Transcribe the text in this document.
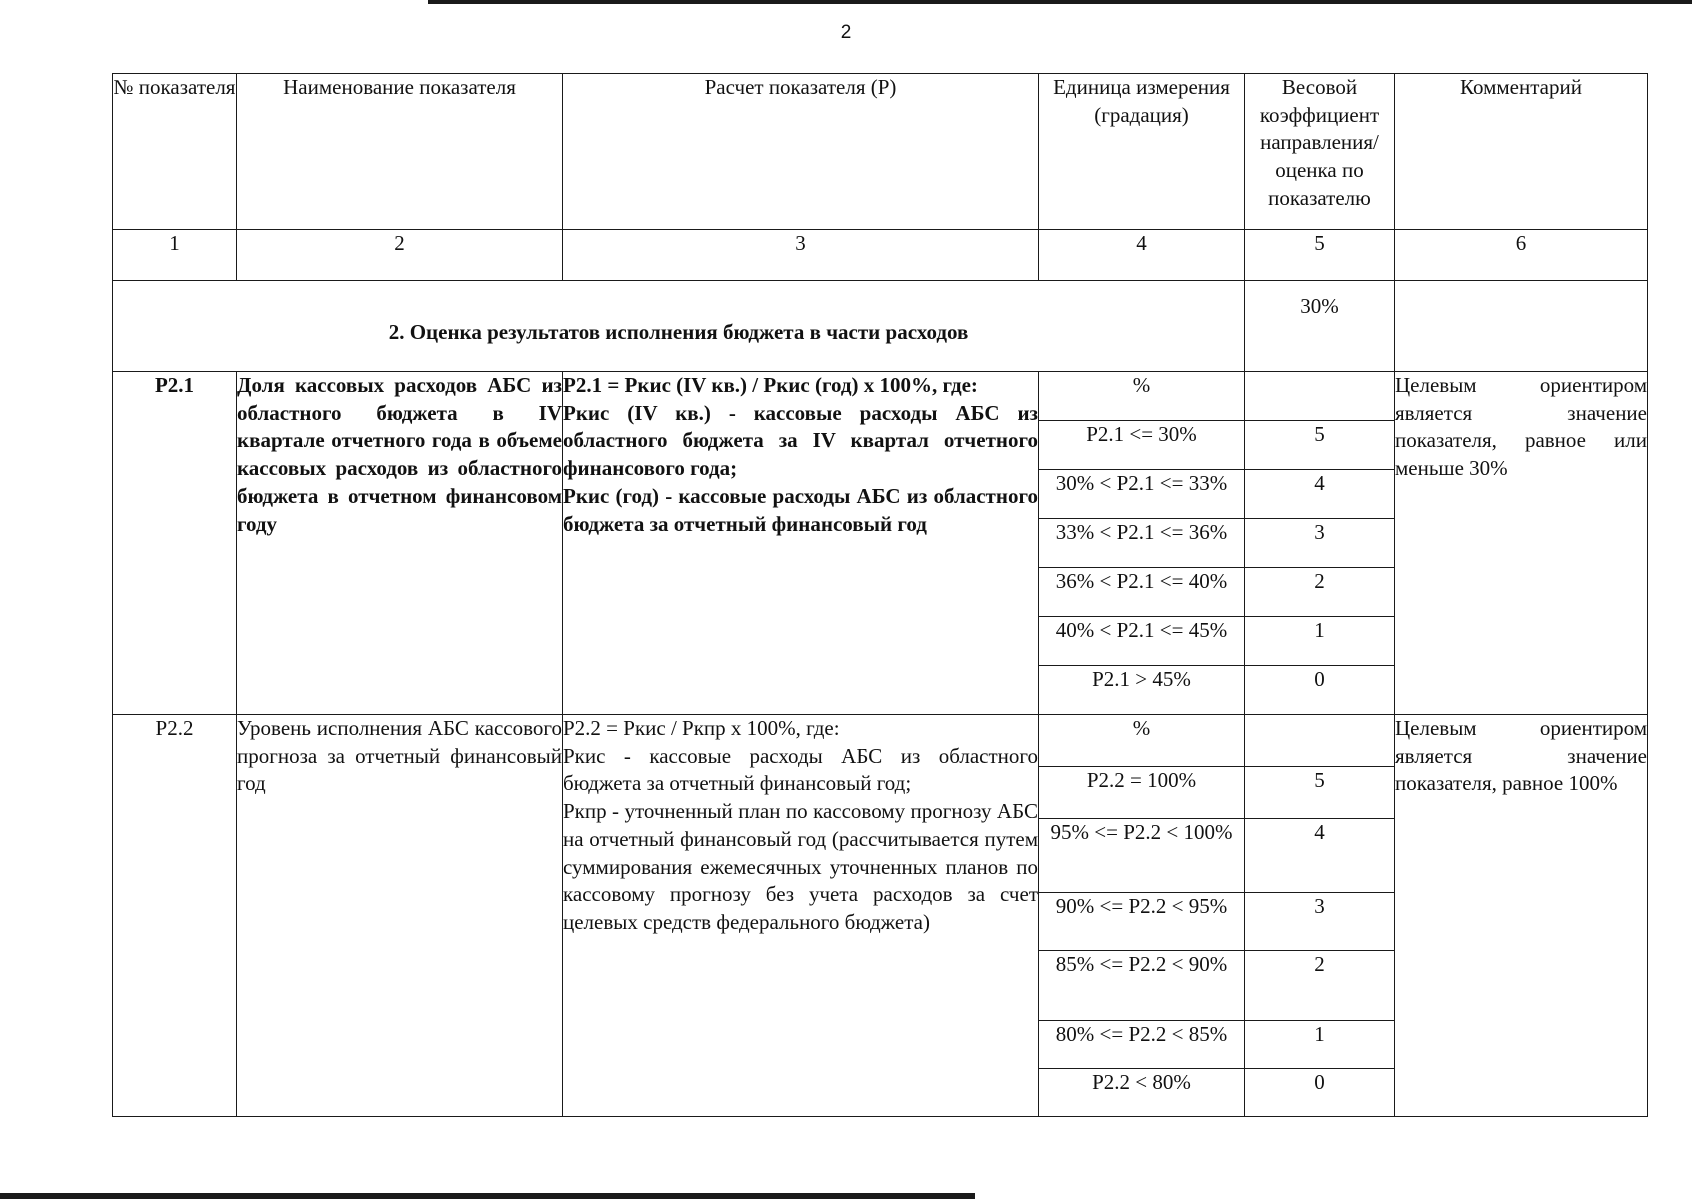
2
№ показателя	Наименование показателя	Расчет показателя (Р)	Единица измерения (градация)	Весовой коэффициент направления/ оценка по показателю	Комментарий
1	2	3	4	5	6
2. Оценка результатов исполнения бюджета в части расходов				30%	
Р2.1	Доля кассовых расходов АБС из областного бюджета в IV квартале отчетного года в объеме кассовых расходов из областного бюджета в отчетном финансовом году	Р2.1 = Ркис (IV кв.) / Ркис (год) х 100%, где:
Ркис (IV кв.) - кассовые расходы АБС из областного бюджета за IV квартал отчетного финансового года;
Ркис (год) - кассовые расходы АБС из областного бюджета за отчетный финансовый год	%		Целевым ориентиром является значение показателя, равное или меньше 30%
			Р2.1 <= 30%	5	
			30% < Р2.1 <= 33%	4	
			33% < Р2.1 <= 36%	3	
			36% < Р2.1 <= 40%	2	
			40% < Р2.1 <= 45%	1	
			Р2.1 > 45%	0	
Р2.2	Уровень исполнения АБС кассового прогноза за отчетный финансовый год	Р2.2 = Ркис / Ркпр х 100%, где:
Ркис - кассовые расходы АБС из областного бюджета за отчетный финансовый год;
Ркпр - уточненный план по кассовому прогнозу АБС на отчетный финансовый год (рассчитывается путем суммирования ежемесячных уточненных планов по кассовому прогнозу без учета расходов за счет целевых средств федерального бюджета)	%		Целевым ориентиром является значение показателя, равное 100%
			Р2.2 = 100%	5	
			95% <= Р2.2 < 100%	4	
			90% <= Р2.2 < 95%	3	
			85% <= Р2.2 < 90%	2	
			80% <= Р2.2 < 85%	1	
			Р2.2 < 80%	0	
